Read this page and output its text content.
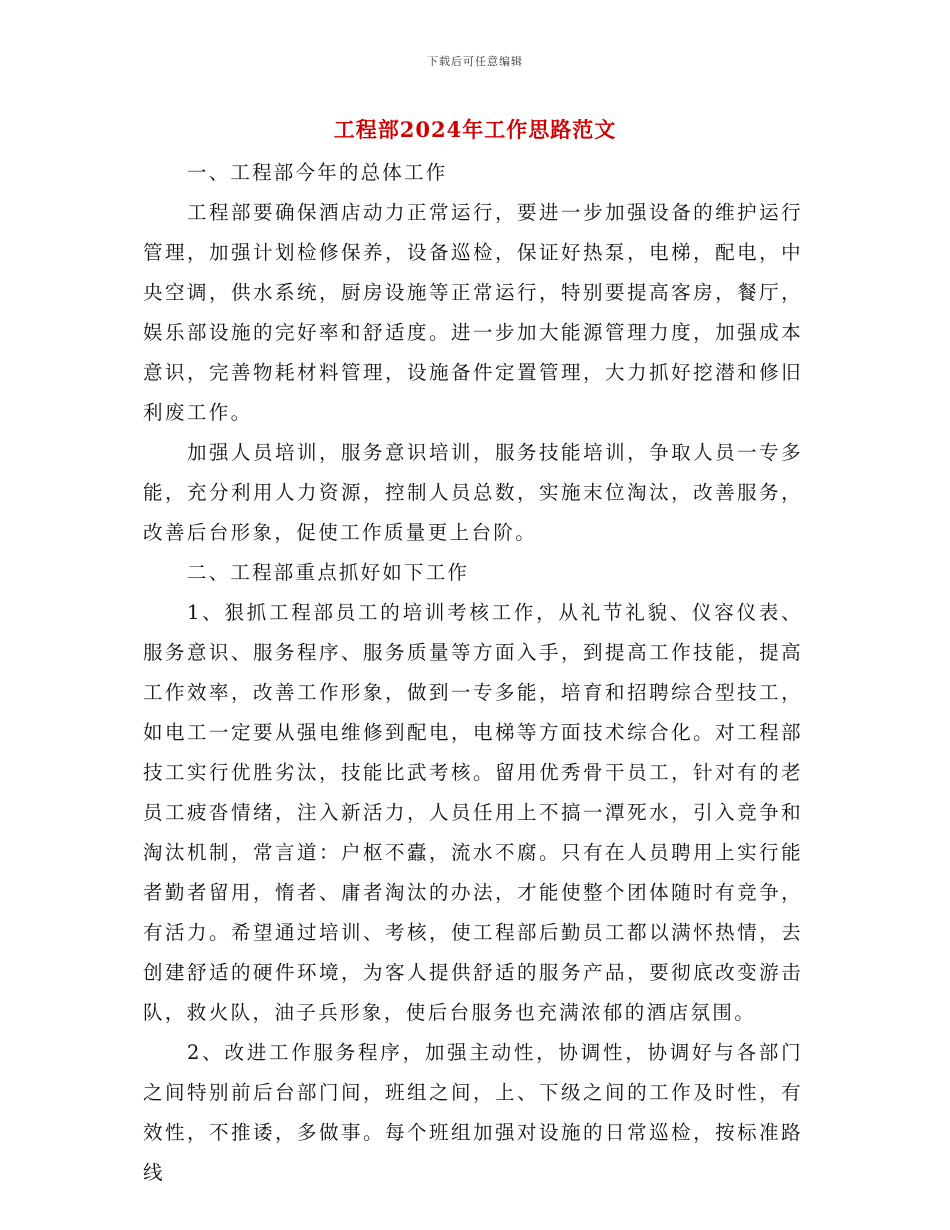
下载后可任意编辑
工程部2024年工作思路范文

一、工程部今年的总体工作

工程部要确保酒店动力正常运行，要进一步加强设备的维护运行管理，加强计划检修保养，设备巡检，保证好热泵，电梯，配电，中央空调，供水系统，厨房设施等正常运行，特别要提高客房，餐厅，娱乐部设施的完好率和舒适度。进一步加大能源管理力度，加强成本意识，完善物耗材料管理，设施备件定置管理，大力抓好挖潜和修旧利废工作。

加强人员培训，服务意识培训，服务技能培训，争取人员一专多能，充分利用人力资源，控制人员总数，实施末位淘汰，改善服务，改善后台形象，促使工作质量更上台阶。

二、工程部重点抓好如下工作

1、狠抓工程部员工的培训考核工作，从礼节礼貌、仪容仪表、服务意识、服务程序、服务质量等方面入手，到提高工作技能，提高工作效率，改善工作形象，做到一专多能，培育和招聘综合型技工，如电工一定要从强电维修到配电，电梯等方面技术综合化。对工程部技工实行优胜劣汰，技能比武考核。留用优秀骨干员工，针对有的老员工疲沓情绪，注入新活力，人员任用上不搞一潭死水，引入竞争和淘汰机制，常言道：户枢不蠹，流水不腐。只有在人员聘用上实行能者勤者留用，惰者、庸者淘汰的办法，才能使整个团体随时有竞争，有活力。希望通过培训、考核，使工程部后勤员工都以满怀热情，去创建舒适的硬件环境，为客人提供舒适的服务产品，要彻底改变游击队，救火队，油子兵形象，使后台服务也充满浓郁的酒店氛围。

2、改进工作服务程序，加强主动性，协调性，协调好与各部门之间特别前后台部门间，班组之间，上、下级之间的工作及时性，有效性，不推诿，多做事。每个班组加强对设施的日常巡检，按标准路线
